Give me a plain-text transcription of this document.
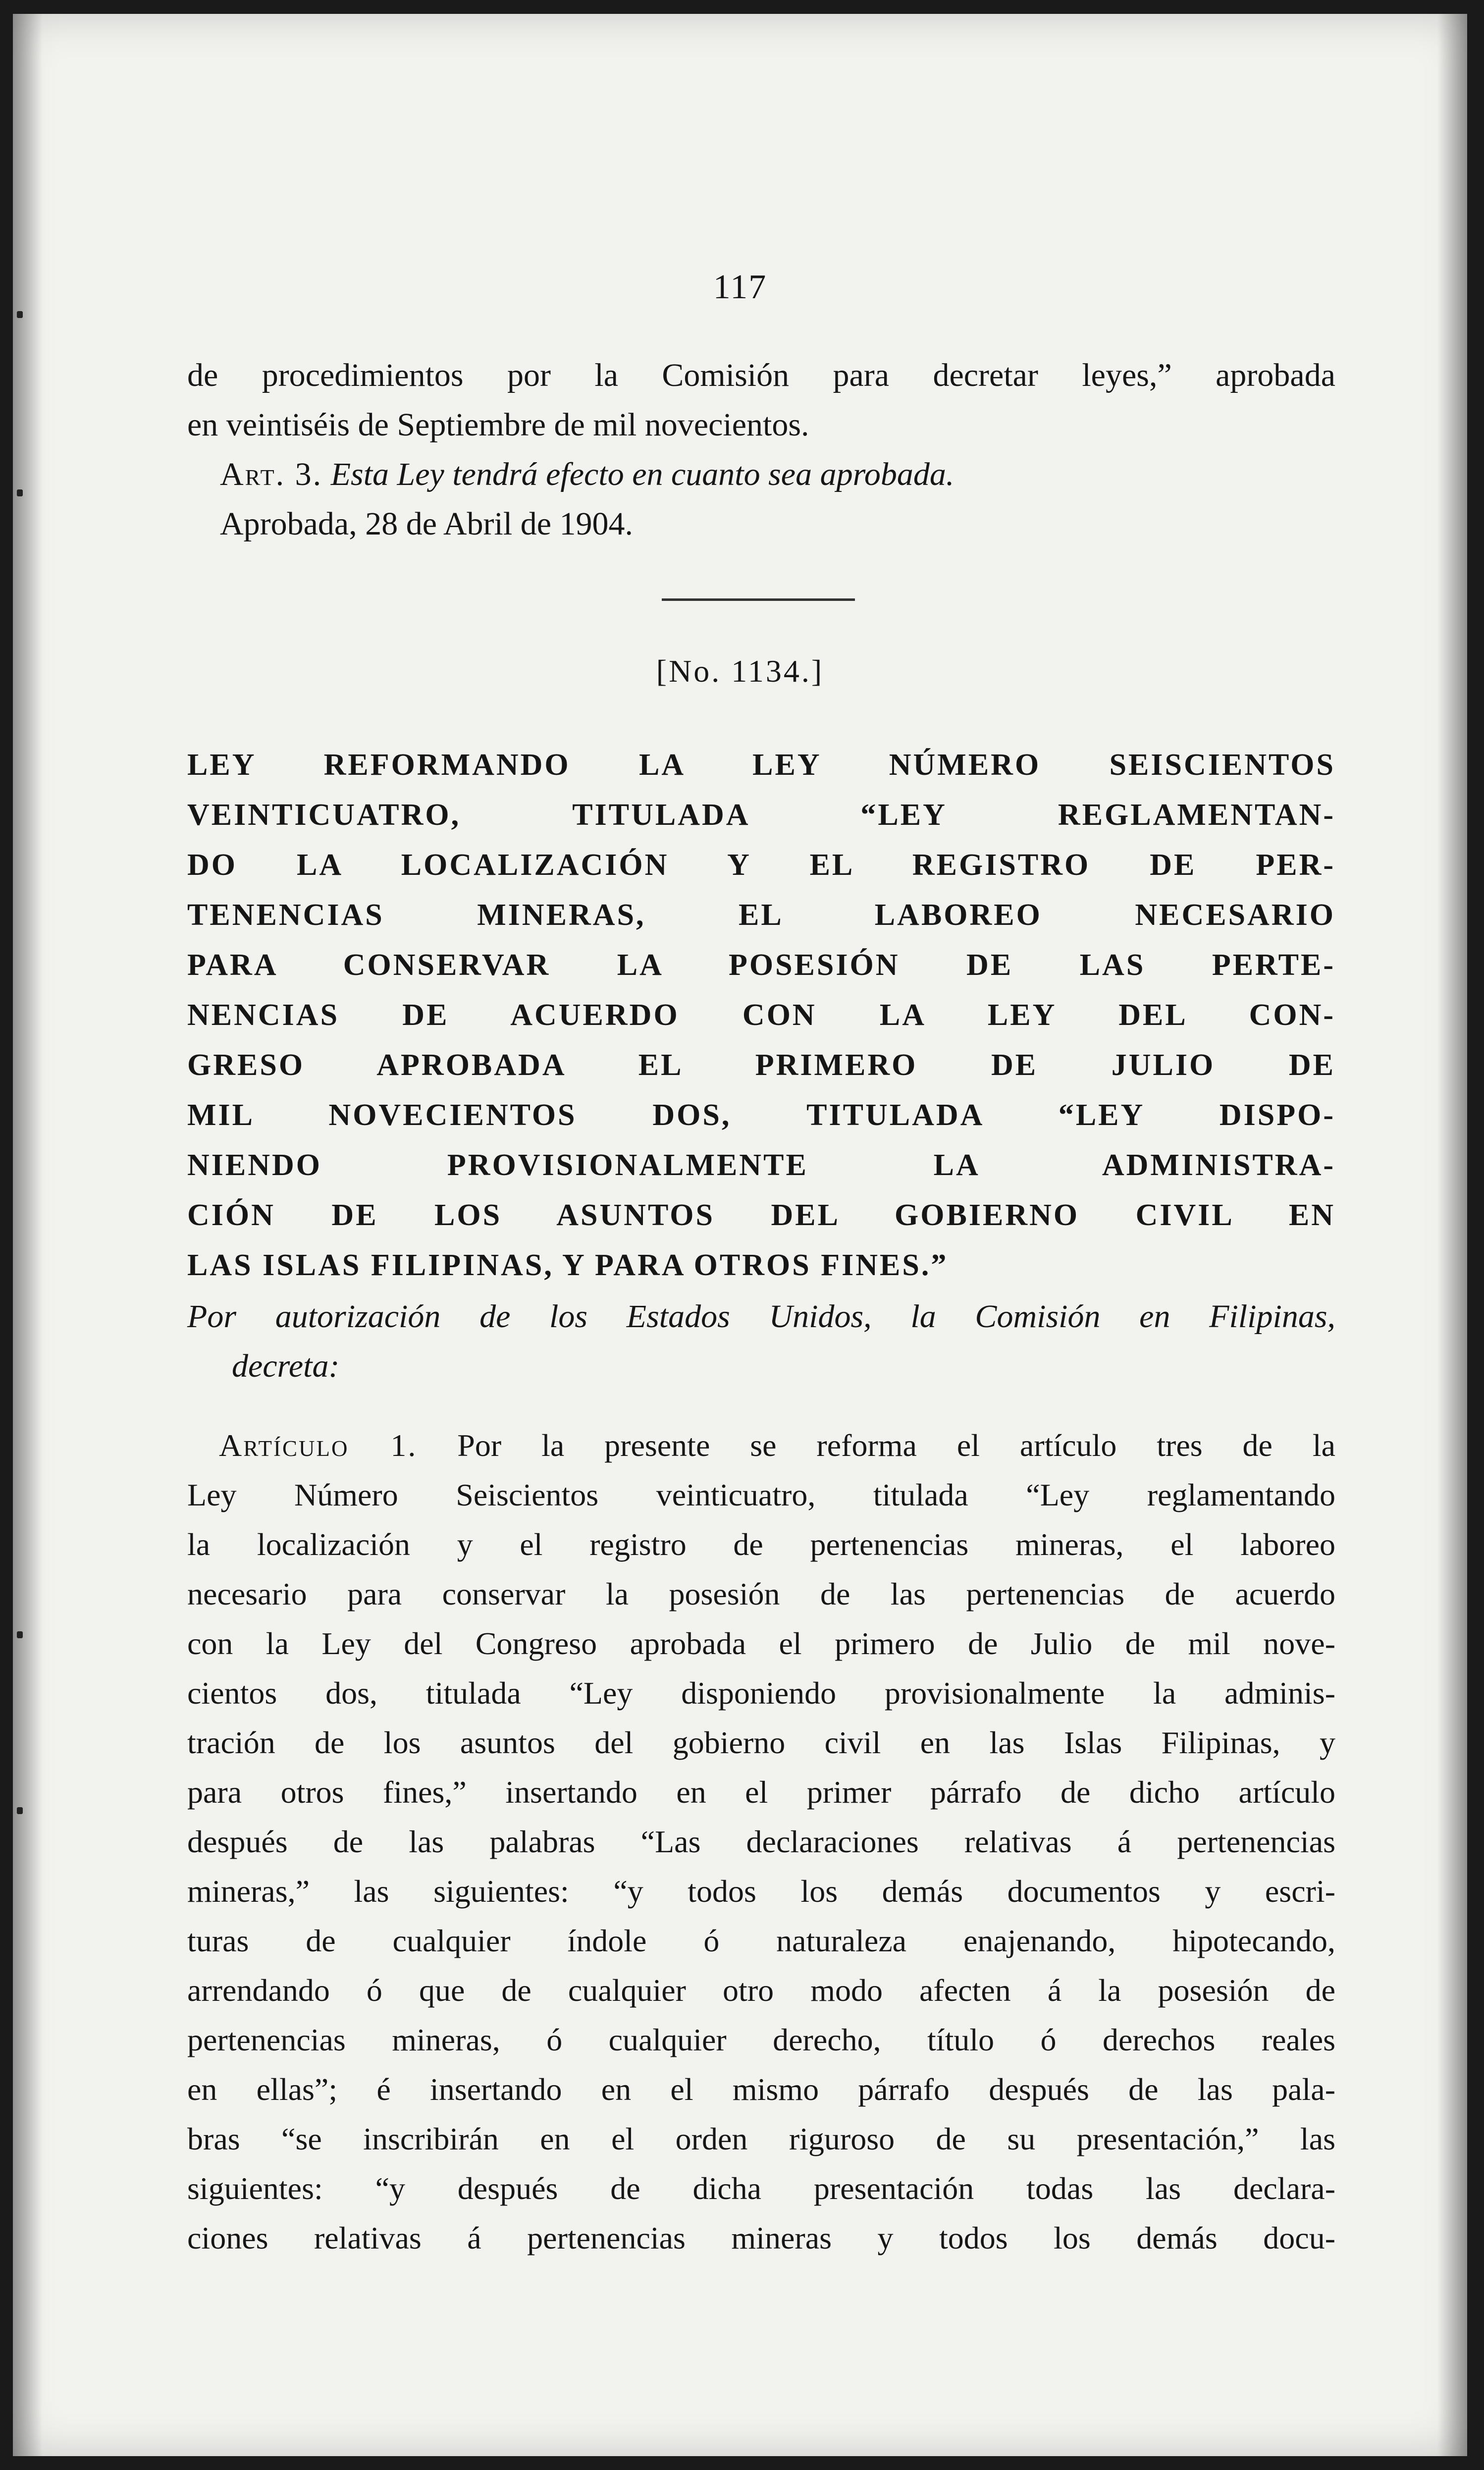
117
de procedimientos por la Comisión para decretar leyes,” aprobada
en veintiséis de Septiembre de mil novecientos.
 Art. 3. Esta Ley tendrá efecto en cuanto sea aprobada.
 Aprobada, 28 de Abril de 1904.
[No. 1134.]
LEY REFORMANDO LA LEY NÚMERO SEISCIENTOS
VEINTICUATRO, TITULADA “LEY REGLAMENTAN-
DO LA LOCALIZACIÓN Y EL REGISTRO DE PER-
TENENCIAS MINERAS, EL LABOREO NECESARIO
PARA CONSERVAR LA POSESIÓN DE LAS PERTE-
NENCIAS DE ACUERDO CON LA LEY DEL CON-
GRESO APROBADA EL PRIMERO DE JULIO DE
MIL NOVECIENTOS DOS, TITULADA “LEY DISPO-
NIENDO PROVISIONALMENTE LA ADMINISTRA-
CIÓN DE LOS ASUNTOS DEL GOBIERNO CIVIL EN
LAS ISLAS FILIPINAS, Y PARA OTROS FINES.”
Por autorización de los Estados Unidos, la Comisión en Filipinas,
decreta:
 Artículo 1. Por la presente se reforma el artículo tres de la
Ley Número Seiscientos veinticuatro, titulada “Ley reglamentando
la localización y el registro de pertenencias mineras, el laboreo
necesario para conservar la posesión de las pertenencias de acuerdo
con la Ley del Congreso aprobada el primero de Julio de mil nove-
cientos dos, titulada “Ley disponiendo provisionalmente la adminis-
tración de los asuntos del gobierno civil en las Islas Filipinas, y
para otros fines,” insertando en el primer párrafo de dicho artículo
después de las palabras “Las declaraciones relativas á pertenencias
mineras,” las siguientes: “y todos los demás documentos y escri-
turas de cualquier índole ó naturaleza enajenando, hipotecando,
arrendando ó que de cualquier otro modo afecten á la posesión de
pertenencias mineras, ó cualquier derecho, título ó derechos reales
en ellas”; é insertando en el mismo párrafo después de las pala-
bras “se inscribirán en el orden riguroso de su presentación,” las
siguientes: “y después de dicha presentación todas las declara-
ciones relativas á pertenencias mineras y todos los demás docu-
